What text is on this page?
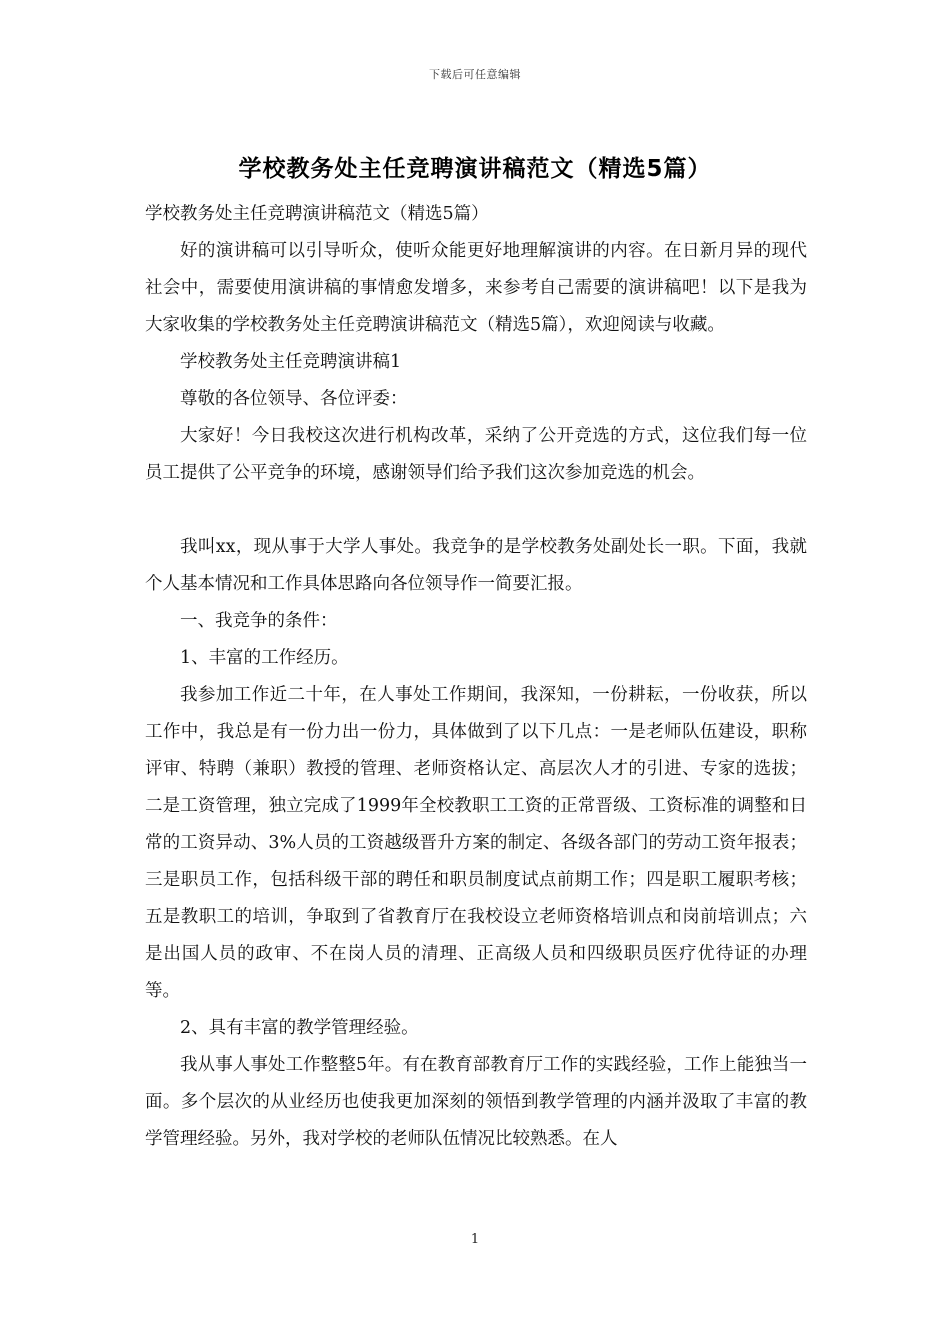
下载后可任意编辑
学校教务处主任竞聘演讲稿范文（精选5篇）

学校教务处主任竞聘演讲稿范文（精选5篇）

好的演讲稿可以引导听众，使听众能更好地理解演讲的内容。在日新月异的现代社会中，需要使用演讲稿的事情愈发增多，来参考自己需要的演讲稿吧！以下是我为大家收集的学校教务处主任竞聘演讲稿范文（精选5篇），欢迎阅读与收藏。

学校教务处主任竞聘演讲稿1

尊敬的各位领导、各位评委：

大家好！今日我校这次进行机构改革，采纳了公开竞选的方式，这位我们每一位员工提供了公平竞争的环境，感谢领导们给予我们这次参加竞选的机会。

我叫xx，现从事于大学人事处。我竞争的是学校教务处副处长一职。下面，我就个人基本情况和工作具体思路向各位领导作一简要汇报。

一、我竞争的条件：

1、丰富的工作经历。

我参加工作近二十年，在人事处工作期间，我深知，一份耕耘，一份收获，所以工作中，我总是有一份力出一份力，具体做到了以下几点：一是老师队伍建设，职称评审、特聘（兼职）教授的管理、老师资格认定、高层次人才的引进、专家的选拔；二是工资管理，独立完成了1999年全校教职工工资的正常晋级、工资标准的调整和日常的工资异动、3%人员的工资越级晋升方案的制定、各级各部门的劳动工资年报表；三是职员工作，包括科级干部的聘任和职员制度试点前期工作；四是职工履职考核；五是教职工的培训，争取到了省教育厅在我校设立老师资格培训点和岗前培训点；六是出国人员的政审、不在岗人员的清理、正高级人员和四级职员医疗优待证的办理等。

2、具有丰富的教学管理经验。

我从事人事处工作整整5年。有在教育部教育厅工作的实践经验，工作上能独当一面。多个层次的从业经历也使我更加深刻的领悟到教学管理的内涵并汲取了丰富的教学管理经验。另外，我对学校的老师队伍情况比较熟悉。在人

1
